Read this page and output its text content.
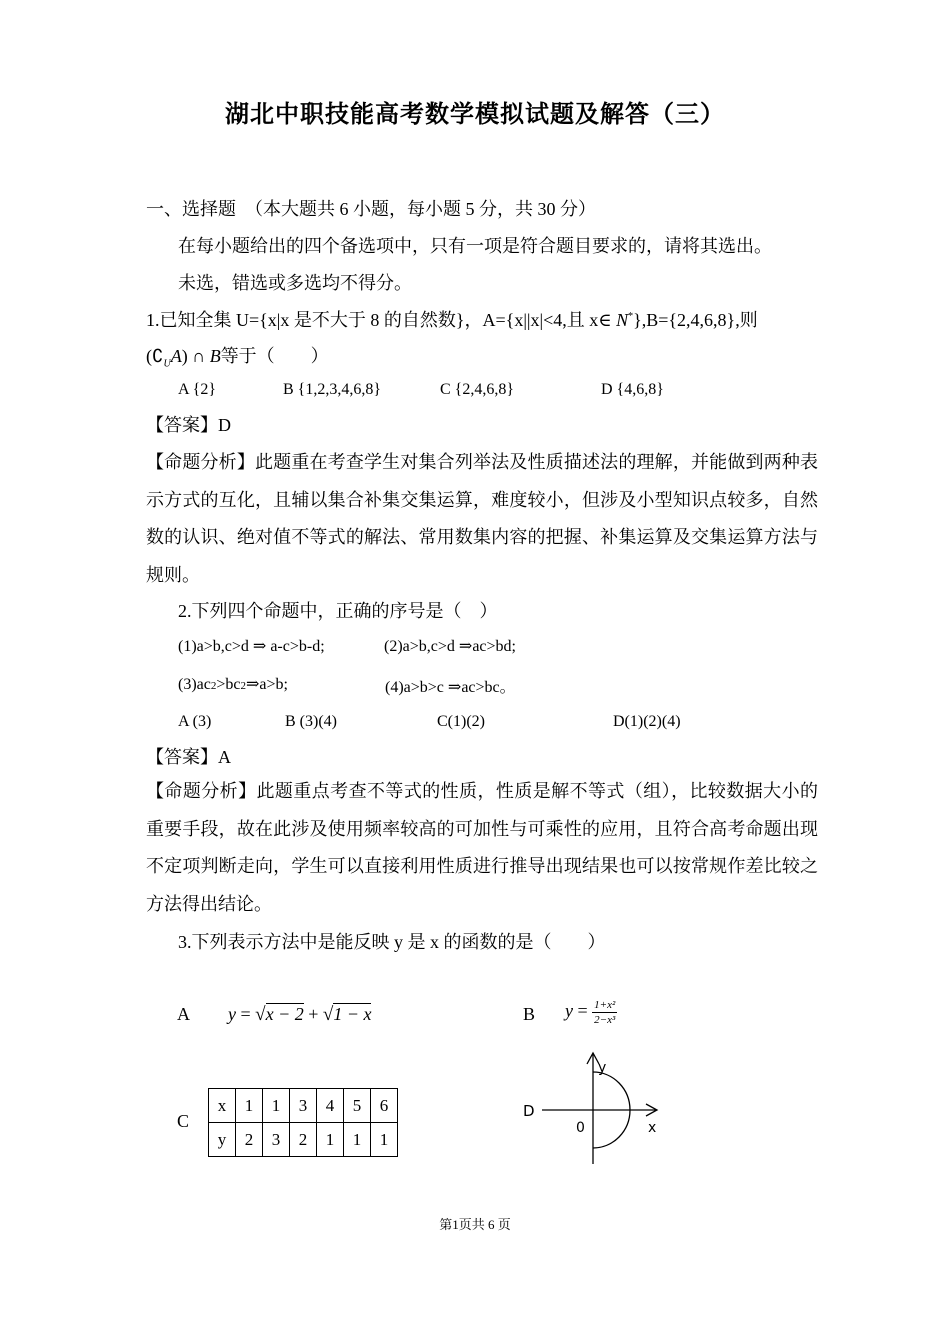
湖北中职技能高考数学模拟试题及解答（三）
一、选择题　（本大题共 6 小题，每小题 5 分，共 30 分）
在每小题给出的四个备选项中，只有一项是符合题目要求的，请将其选出。
未选，错选或多选均不得分。
1.已知全集 U={x|x 是不大于 8 的自然数}，A={x||x|<4,且 x∈ N*},B={2,4,6,8},则
$(∁_UA)$ ∩ B等于（　　）
A {2}	B {1,2,3,4,6,8}	C {2,4,6,8}	D {4,6,8}
【答案】D
【命题分析】此题重在考查学生对集合列举法及性质描述法的理解，并能做到两种表示方式的互化，且辅以集合补集交集运算，难度较小，但涉及小型知识点较多，自然数的认识、绝对值不等式的解法、常用数集内容的把握、补集运算及交集运算方法与规则。
2.下列四个命题中，正确的序号是（　）
(1)a>b,c>d ⇒ a-c>b-d;	(2)a>b,c>d ⇒ac>bd;
(3)ac2>bc2⇒a>b;	(4)a>b>c ⇒ac>bc。
A (3)	B (3)(4)	C(1)(2)	D(1)(2)(4)
【答案】A
【命题分析】此题重点考查不等式的性质，性质是解不等式（组），比较数据大小的重要手段，故在此涉及使用频率较高的可加性与可乘性的应用，且符合高考命题出现不定项判断走向，学生可以直接利用性质进行推导出现结果也可以按常规作差比较之方法得出结论。
3.下列表示方法中是能反映 y 是 x 的函数的是（　　）
A y = √x − 2 + √1 − x	B $y = \frac{\text{1+x²}}{\text{2−x³}}$
C
x	1	1	3	4	5	6
y	2	3	2	1	1	1
D
y
x
0
第1页共 6 页
